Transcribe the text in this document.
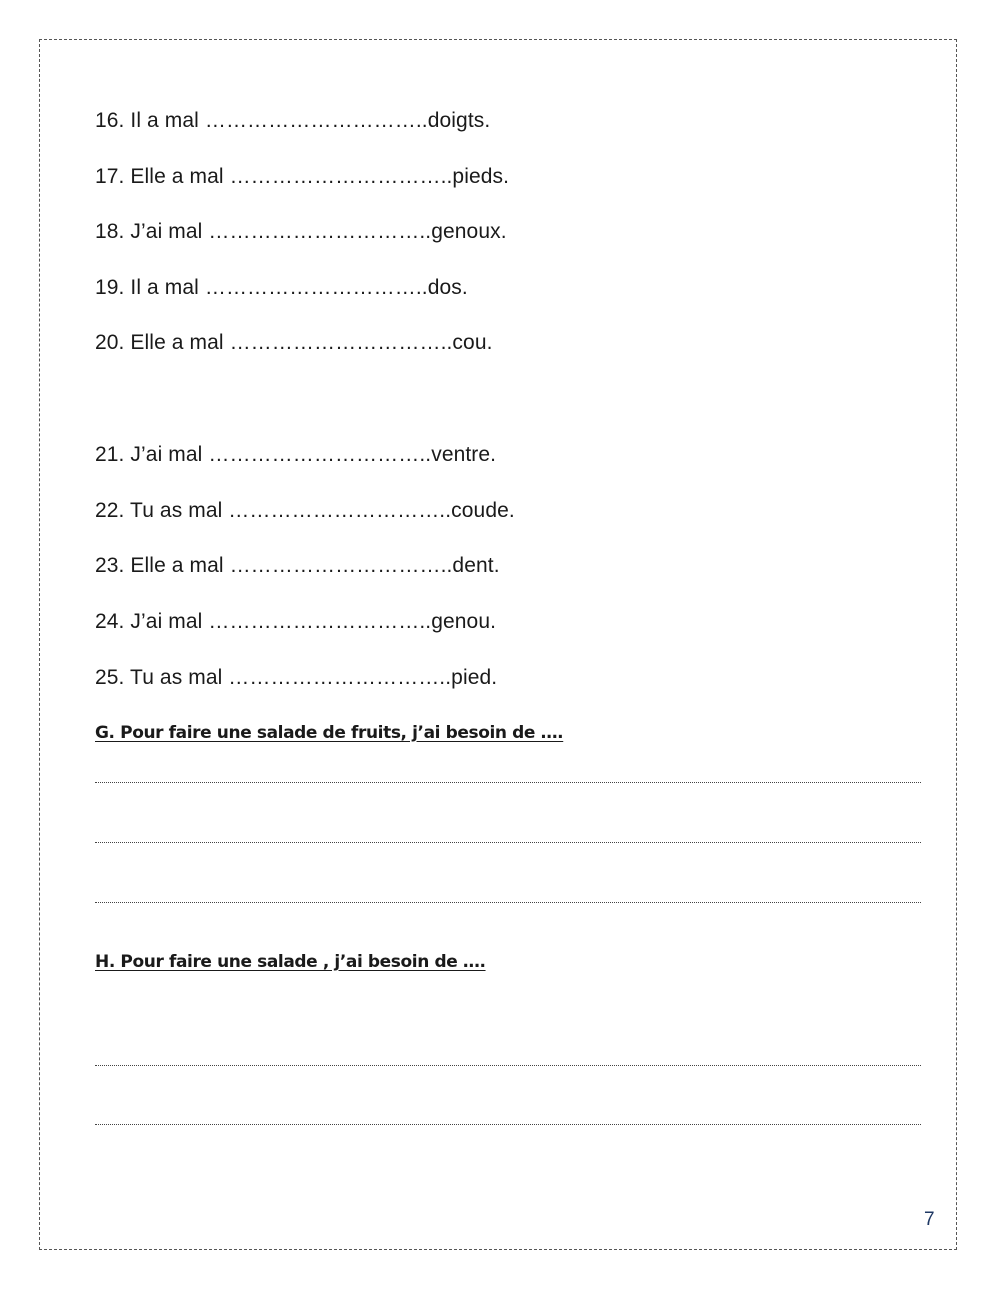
16. Il a mal …………………………..doigts.
17. Elle a mal …………………………..pieds.
18. J’ai mal …………………………..genoux.
19. Il a mal …………………………..dos.
20. Elle a mal …………………………..cou.
21. J’ai mal …………………………..ventre.
22. Tu as mal …………………………..coude.
23. Elle a mal …………………………..dent.
24. J’ai mal …………………………..genou.
25. Tu as mal …………………………..pied.
G. Pour faire une salade de fruits, j’ai besoin de ….
H. Pour faire une salade , j’ai besoin de ….
7
